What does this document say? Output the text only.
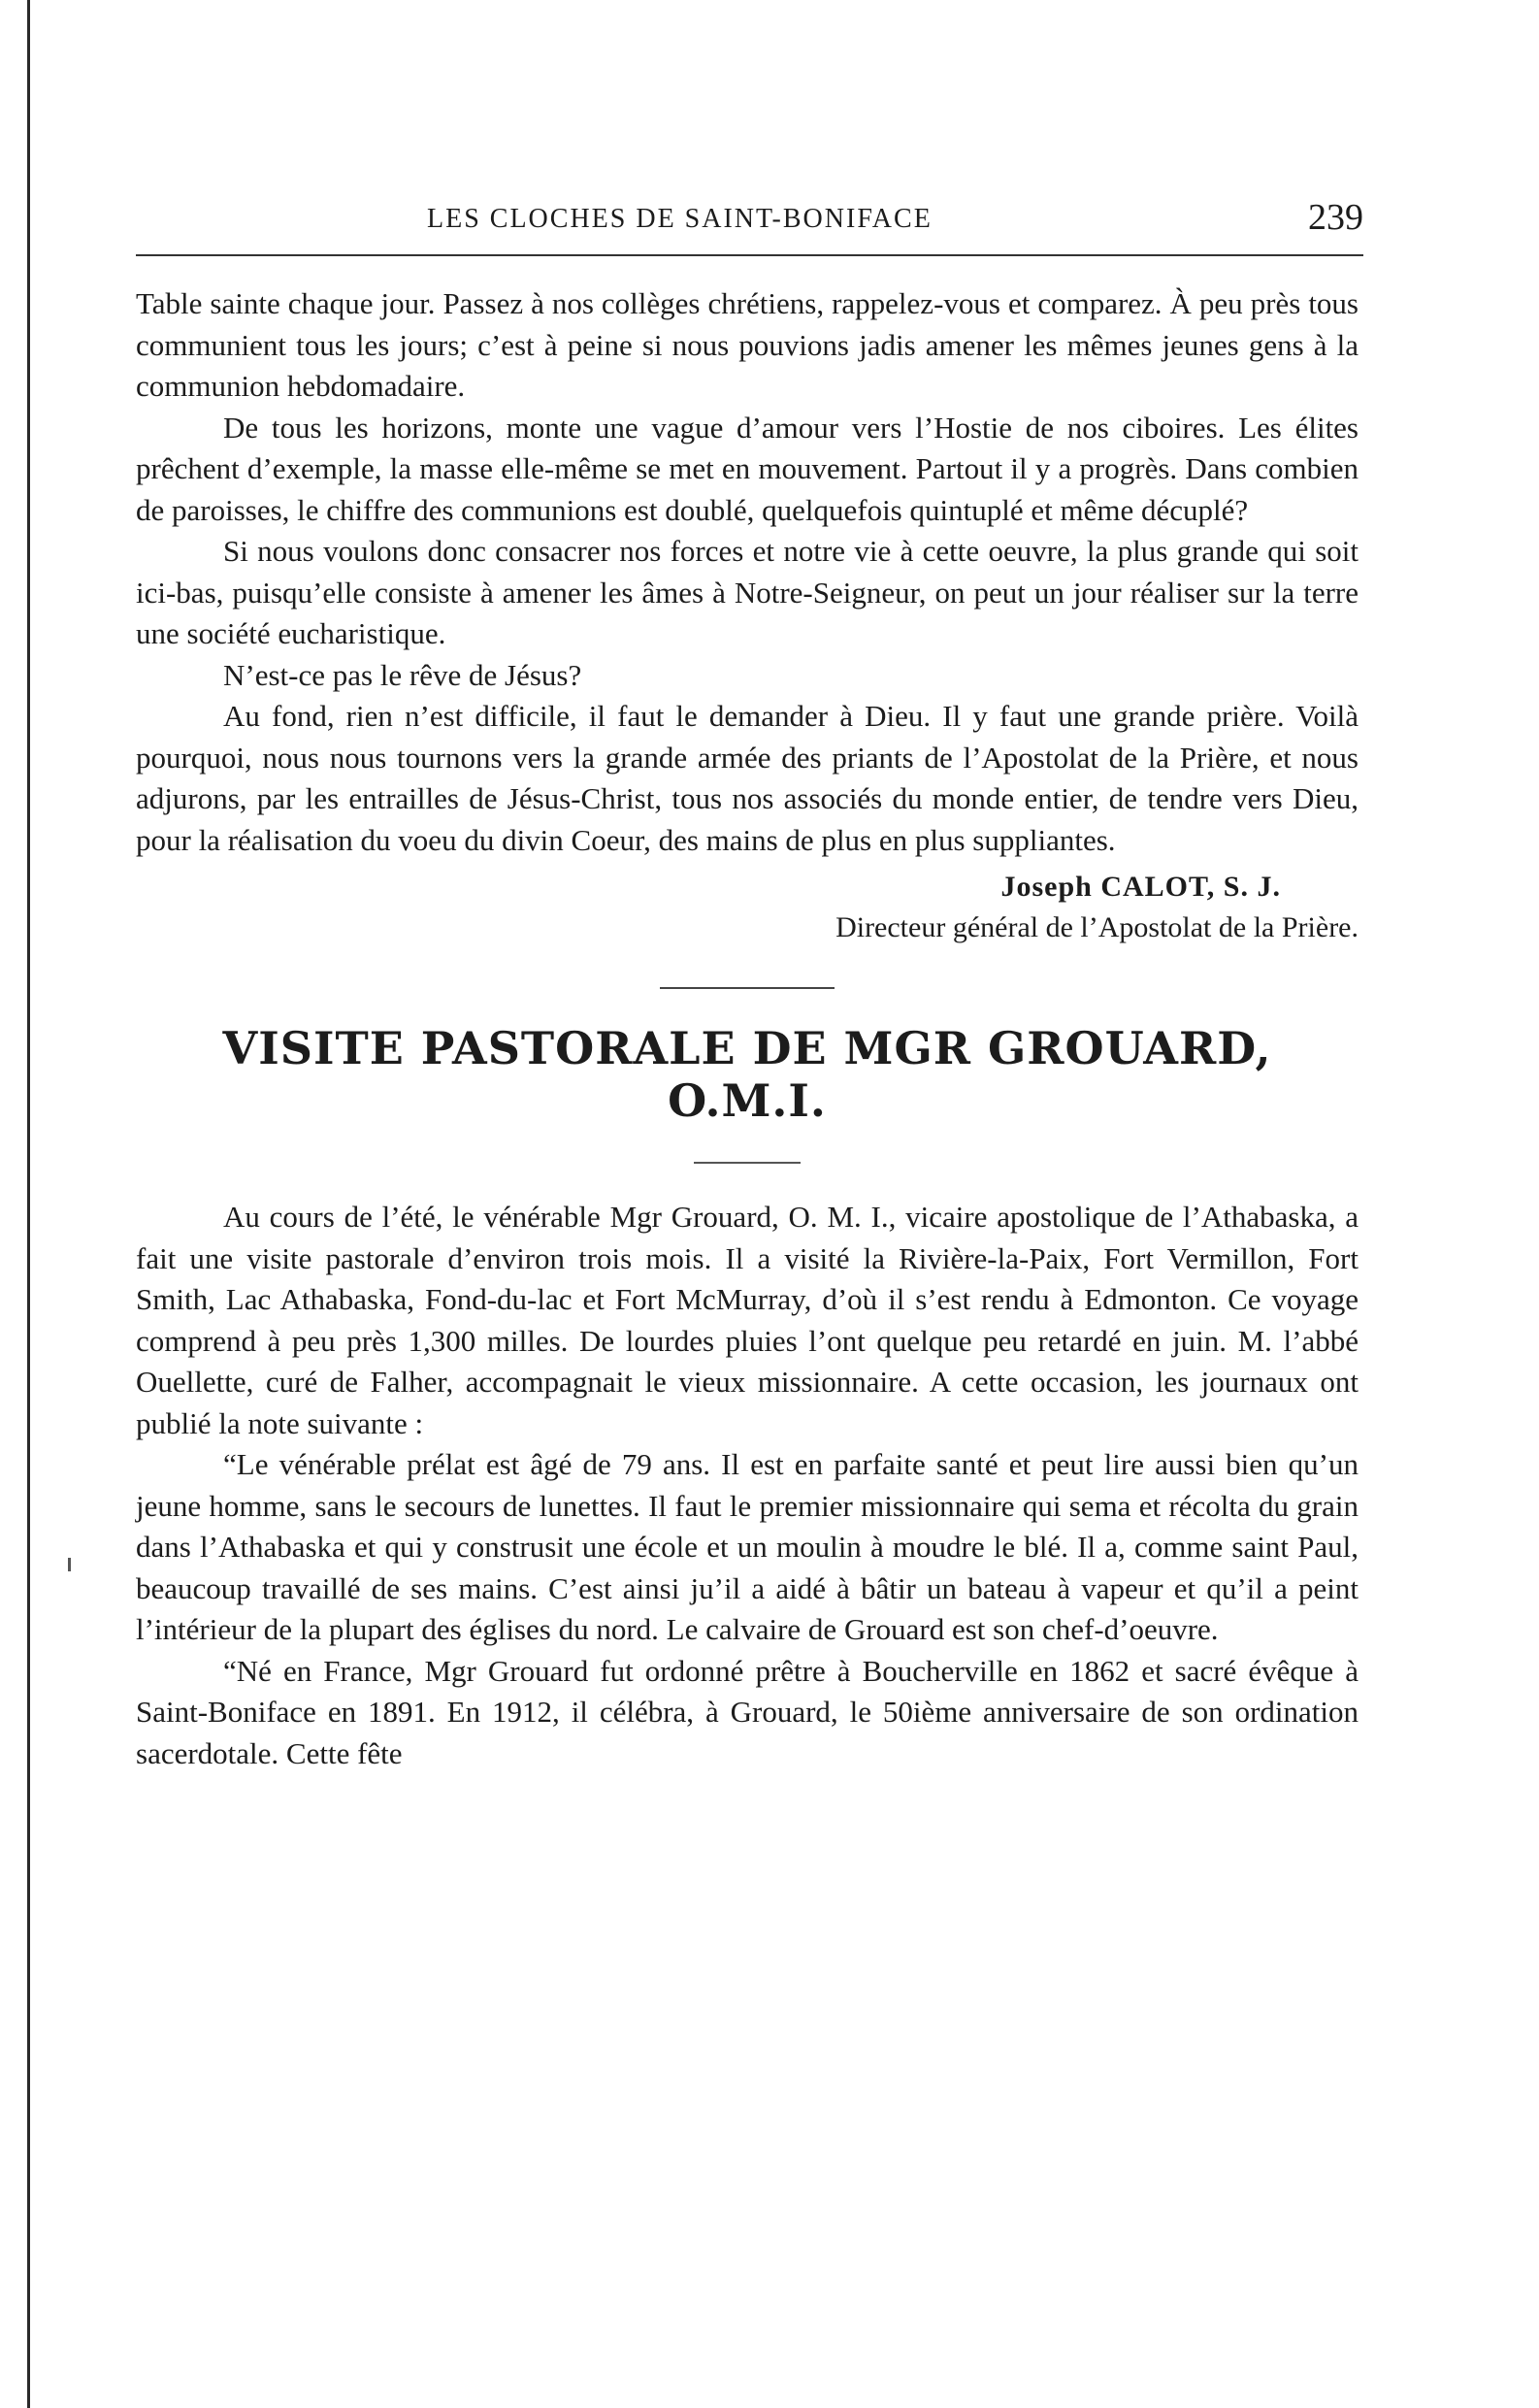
LES CLOCHES DE SAINT-BONIFACE	239

Table sainte chaque jour. Passez à nos collèges chrétiens, rappelez-vous et comparez. À peu près tous communient tous les jours; c’est à peine si nous pouvions jadis amener les mêmes jeunes gens à la communion hebdomadaire.

De tous les horizons, monte une vague d’amour vers l’Hostie de nos ciboires. Les élites prêchent d’exemple, la masse elle-même se met en mouvement. Partout il y a progrès. Dans combien de paroisses, le chiffre des communions est doublé, quelquefois quintuplé et même décuplé?

Si nous voulons donc consacrer nos forces et notre vie à cette oeuvre, la plus grande qui soit ici-bas, puisqu’elle consiste à amener les âmes à Notre-Seigneur, on peut un jour réaliser sur la terre une société eucharistique.

N’est-ce pas le rêve de Jésus?

Au fond, rien n’est difficile, il faut le demander à Dieu. Il y faut une grande prière. Voilà pourquoi, nous nous tournons vers la grande armée des priants de l’Apostolat de la Prière, et nous adjurons, par les entrailles de Jésus-Christ, tous nos associés du monde entier, de tendre vers Dieu, pour la réalisation du voeu du divin Coeur, des mains de plus en plus suppliantes.

Joseph CALOT, S. J.

Directeur général de l’Apostolat de la Prière.

VISITE PASTORALE DE MGR GROUARD, O.M.I.

Au cours de l’été, le vénérable Mgr Grouard, O. M. I., vicaire apostolique de l’Athabaska, a fait une visite pastorale d’environ trois mois. Il a visité la Rivière-la-Paix, Fort Vermillon, Fort Smith, Lac Athabaska, Fond-du-lac et Fort McMurray, d’où il s’est rendu à Edmonton. Ce voyage comprend à peu près 1,300 milles. De lourdes pluies l’ont quelque peu retardé en juin. M. l’abbé Ouellette, curé de Falher, accompagnait le vieux missionnaire. A cette occasion, les journaux ont publié la note suivante :

“Le vénérable prélat est âgé de 79 ans. Il est en parfaite santé et peut lire aussi bien qu’un jeune homme, sans le secours de lunettes. Il faut le premier missionnaire qui sema et récolta du grain dans l’Athabaska et qui y construsit une école et un moulin à moudre le blé. Il a, comme saint Paul, beaucoup travaillé de ses mains. C’est ainsi ju’il a aidé à bâtir un bateau à vapeur et qu’il a peint l’intérieur de la plupart des églises du nord. Le calvaire de Grouard est son chef-d’oeuvre.

“Né en France, Mgr Grouard fut ordonné prêtre à Boucherville en 1862 et sacré évêque à Saint-Boniface en 1891. En 1912, il célébra, à Grouard, le 50ième anniversaire de son ordination sacerdotale. Cette fête
